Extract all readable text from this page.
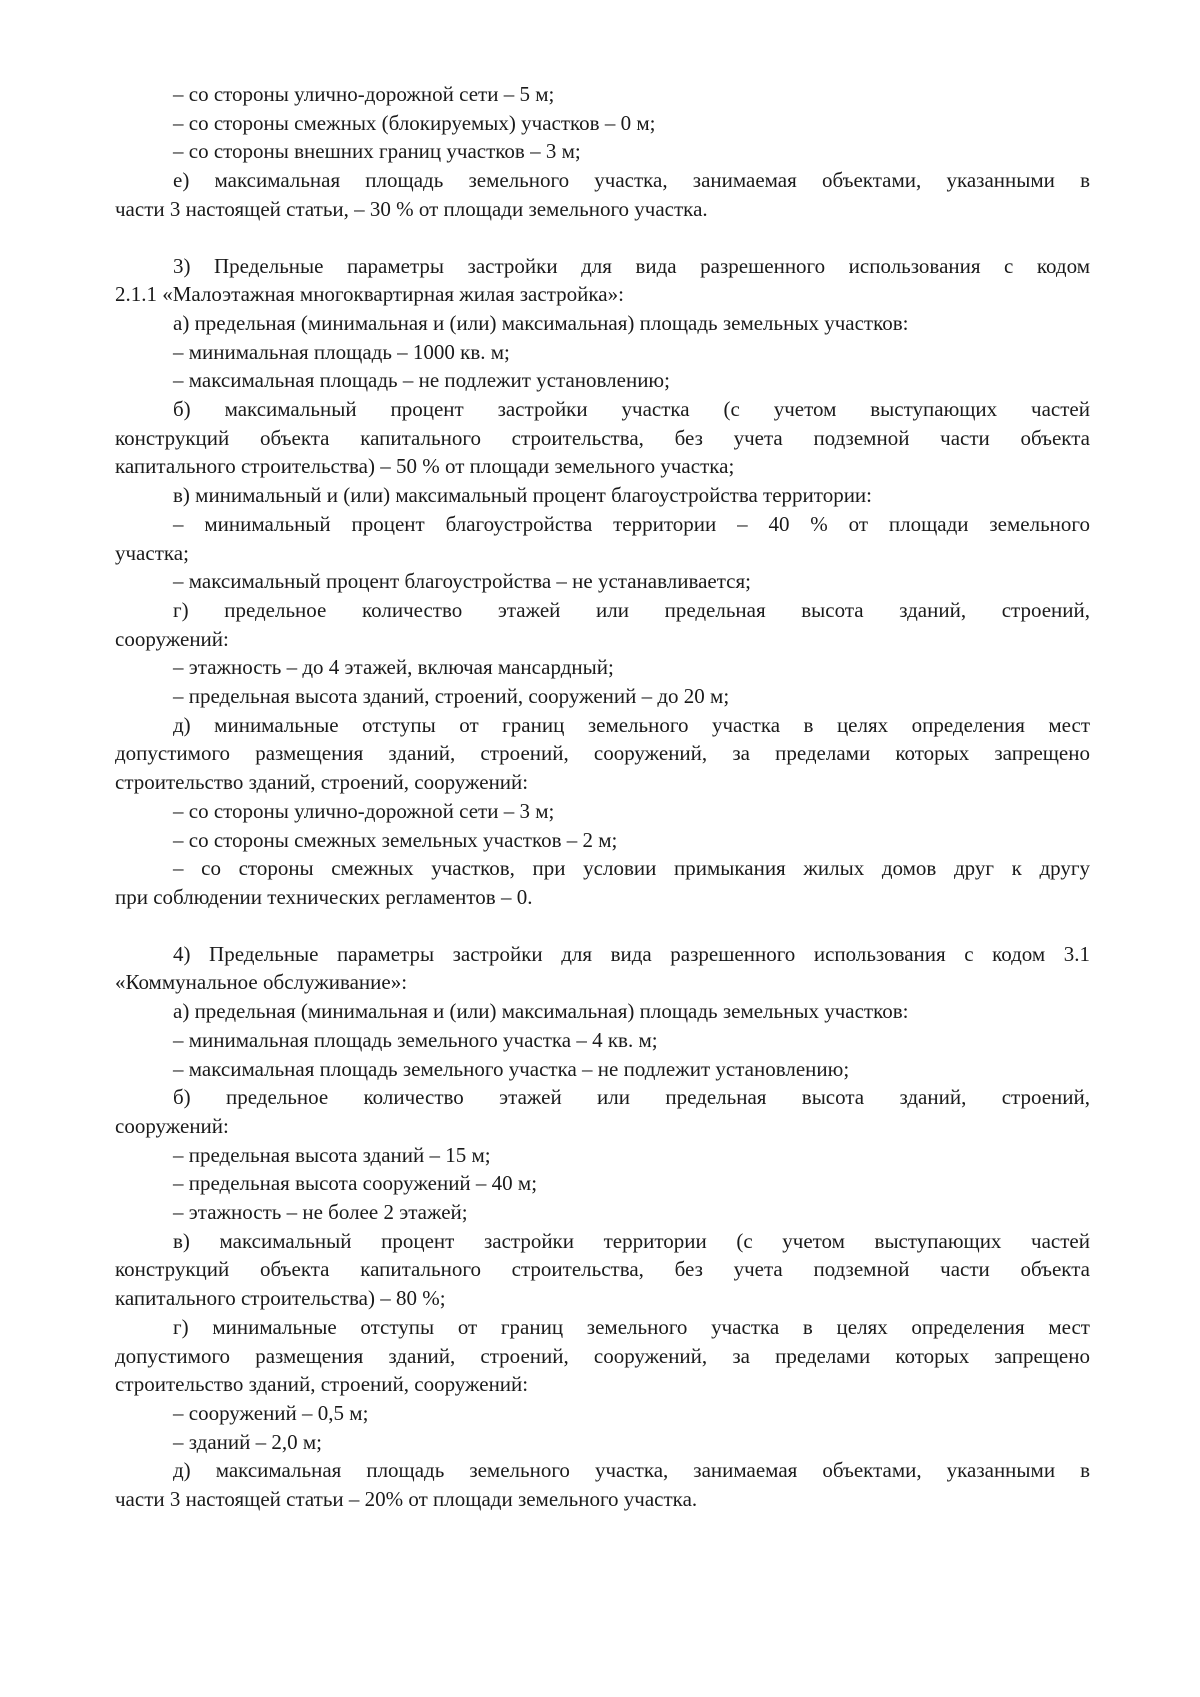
– со стороны улично-дорожной сети – 5 м;
– со стороны смежных (блокируемых) участков – 0 м;
– со стороны внешних границ участков – 3 м;
е) максимальная площадь земельного участка, занимаемая объектами, указанными в
части 3 настоящей статьи, – 30 % от площади земельного участка.
3) Предельные параметры застройки для вида разрешенного использования с кодом
2.1.1 «Малоэтажная многоквартирная жилая застройка»:
а) предельная (минимальная и (или) максимальная) площадь земельных участков:
– минимальная площадь – 1000 кв. м;
– максимальная площадь – не подлежит установлению;
б) максимальный процент застройки участка (с учетом выступающих частей
конструкций объекта капитального строительства, без учета подземной части объекта
капитального строительства) – 50 % от площади земельного участка;
в) минимальный и (или) максимальный процент благоустройства территории:
– минимальный процент благоустройства территории – 40 % от площади земельного
участка;
– максимальный процент благоустройства – не устанавливается;
г) предельное количество этажей или предельная высота зданий, строений,
сооружений:
– этажность – до 4 этажей, включая мансардный;
– предельная высота зданий, строений, сооружений – до 20 м;
д) минимальные отступы от границ земельного участка в целях определения мест
допустимого размещения зданий, строений, сооружений, за пределами которых запрещено
строительство зданий, строений, сооружений:
– со стороны улично-дорожной сети – 3 м;
– со стороны смежных земельных участков – 2 м;
– со стороны смежных участков, при условии примыкания жилых домов друг к другу
при соблюдении технических регламентов – 0.
4) Предельные параметры застройки для вида разрешенного использования с кодом 3.1
«Коммунальное обслуживание»:
а) предельная (минимальная и (или) максимальная) площадь земельных участков:
– минимальная площадь земельного участка – 4 кв. м;
– максимальная площадь земельного участка – не подлежит установлению;
б) предельное количество этажей или предельная высота зданий, строений,
сооружений:
– предельная высота зданий – 15 м;
– предельная высота сооружений – 40 м;
– этажность – не более 2 этажей;
в) максимальный процент застройки территории (с учетом выступающих частей
конструкций объекта капитального строительства, без учета подземной части объекта
капитального строительства) – 80 %;
г) минимальные отступы от границ земельного участка в целях определения мест
допустимого размещения зданий, строений, сооружений, за пределами которых запрещено
строительство зданий, строений, сооружений:
– сооружений – 0,5 м;
– зданий – 2,0 м;
д) максимальная площадь земельного участка, занимаемая объектами, указанными в
части 3 настоящей статьи – 20% от площади земельного участка.
